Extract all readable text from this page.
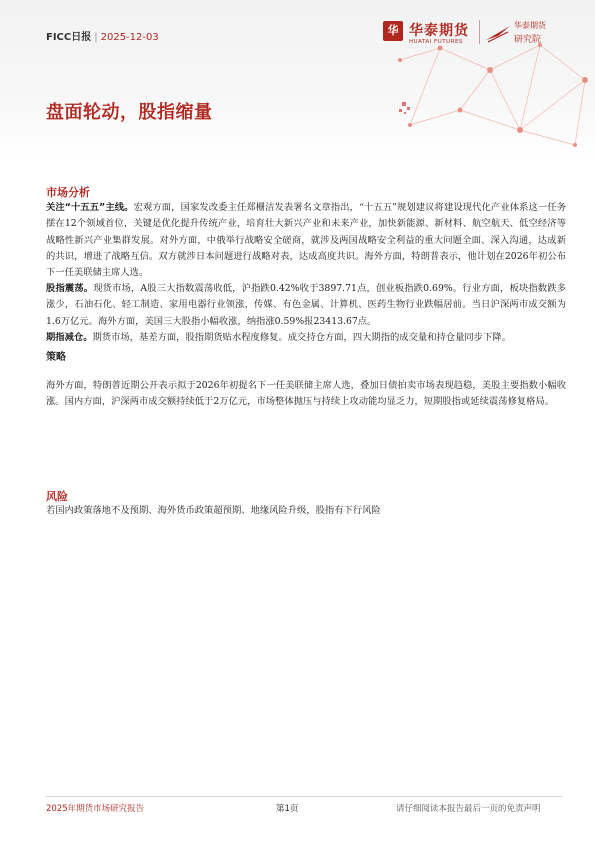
FICC日报 | 2025-12-03
华 华泰期货
HUATAI FUTURES
华泰期货
研究院
盘面轮动，股指缩量
市场分析
关注“十五五”主线。宏观方面，国家发改委主任郑栅洁发表署名文章指出，“十五五”规划建议将建设现代化产业体系这一任务摆在12个领域首位，关键是优化提升传统产业，培育壮大新兴产业和未来产业，加快新能源、新材料、航空航天、低空经济等战略性新兴产业集群发展。对外方面，中俄举行战略安全磋商，就涉及两国战略安全利益的重大问题全面、深入沟通，达成新的共识，增进了战略互信。双方就涉日本问题进行战略对表，达成高度共识。海外方面，特朗普表示，他计划在2026年初公布下一任美联储主席人选。
股指震荡。现货市场，A股三大指数震荡收低，沪指跌0.42%收于3897.71点，创业板指跌0.69%。行业方面，板块指数跌多涨少，石油石化、轻工制造、家用电器行业领涨，传媒、有色金属、计算机、医药生物行业跌幅居前。当日沪深两市成交额为1.6万亿元。海外方面，美国三大股指小幅收涨，纳指涨0.59%报23413.67点。
期指减仓。期货市场，基差方面，股指期货贴水程度修复。成交持仓方面，四大期指的成交量和持仓量同步下降。
策略
海外方面，特朗普近期公开表示拟于2026年初提名下一任美联储主席人选，叠加日债拍卖市场表现趋稳，美股主要指数小幅收涨。国内方面，沪深两市成交额持续低于2万亿元，市场整体抛压与持续上攻动能均显乏力，短期股指或延续震荡修复格局。
风险
若国内政策落地不及预期、海外货币政策超预期、地缘风险升级，股指有下行风险
2025年期货市场研究报告	第1页	请仔细阅读本报告最后一页的免责声明
